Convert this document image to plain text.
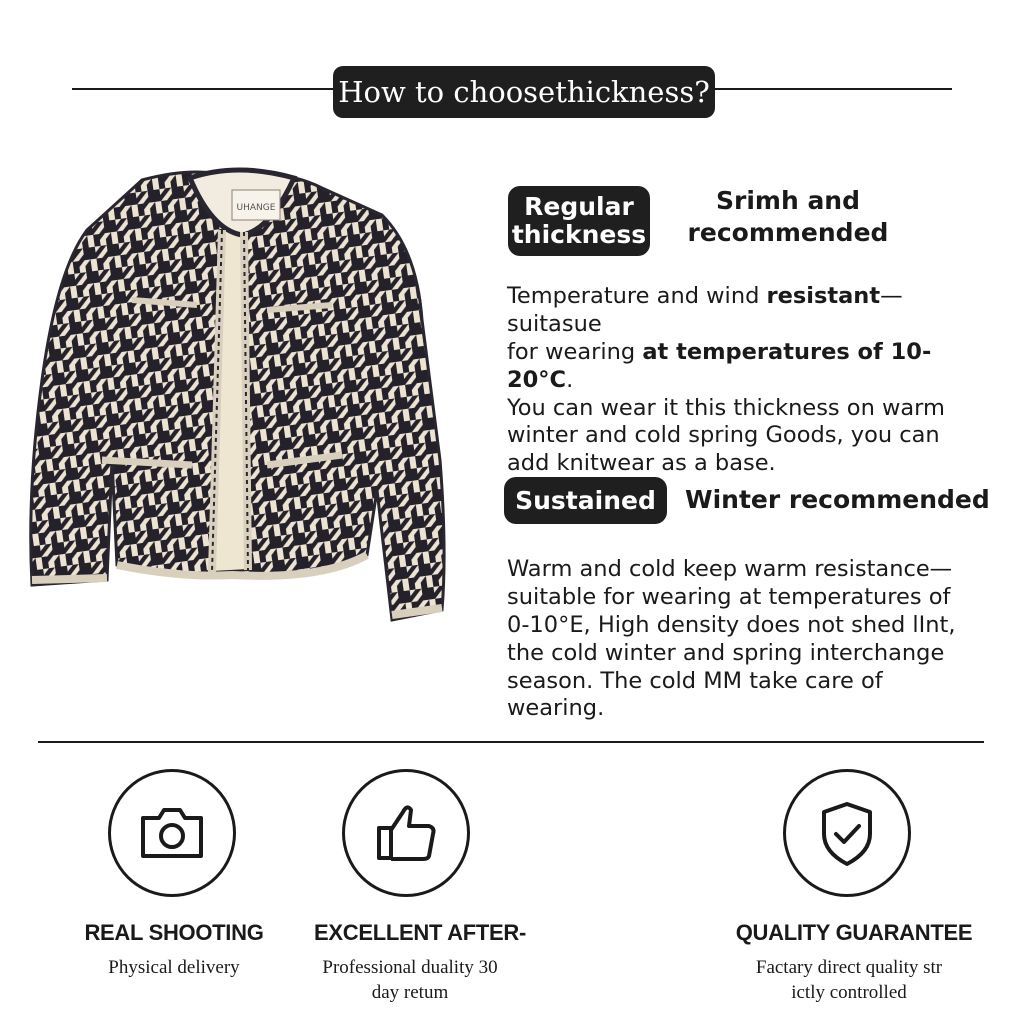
How to choosethickness?
UHANGE	Regular
thickness
Srimh and
recommended
Temperature and wind resistant—suitasue
for wearing at temperatures of 10-20°C.
You can wear it this thickness on warm
winter and cold spring Goods, you can
add knitwear as a base.
Sustained	Winter recommended
Warm and cold keep warm resistance—
suitable for wearing at temperatures of
0-10°E, High density does not shed lInt,
the cold winter and spring interchange
season. The cold MM take care of
wearing.
REAL SHOOTING
Physical delivery
EXCELLENT AFTER-
Professional duality 30
day retum
QUALITY GUARANTEE
Factary direct quality str
ictly controlled
